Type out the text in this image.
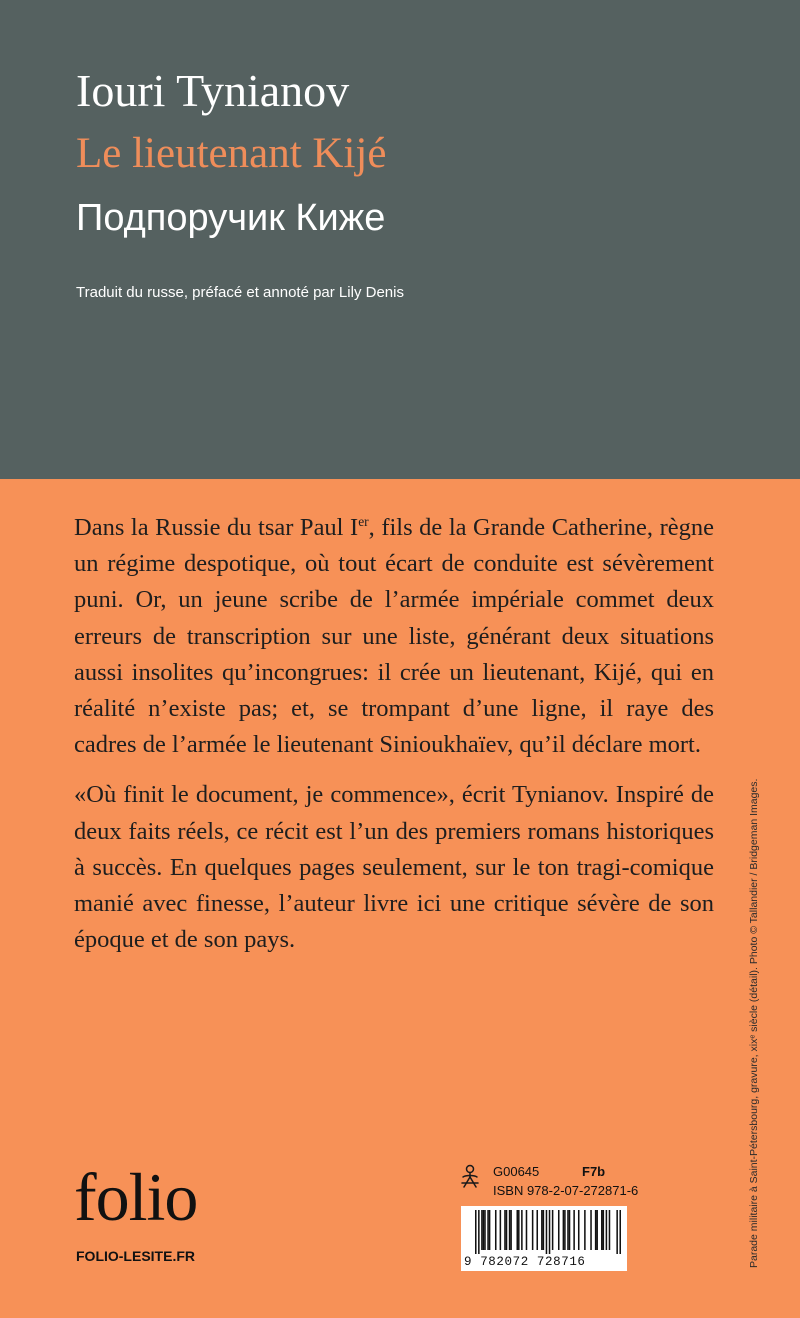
Iouri Tynianov
Le lieutenant Kijé
Подпоручик Киже
Traduit du russe, préfacé et annoté par Lily Denis

Dans la Russie du tsar Paul Ier, fils de la Grande Catherine, règne un régime despotique, où tout écart de conduite est sévèrement puni. Or, un jeune scribe de l’armée impériale commet deux erreurs de transcription sur une liste, générant deux situations aussi insolites qu’incongrues: il crée un lieutenant, Kijé, qui en réalité n’existe pas; et, se trompant d’une ligne, il raye des cadres de l’armée le lieutenant Sinioukhaïev, qu’il déclare mort.

«Où finit le document, je commence», écrit Tynianov. Inspiré de deux faits réels, ce récit est l’un des premiers romans historiques à succès. En quelques pages seulement, sur le ton tragi-comique manié avec finesse, l’auteur livre ici une critique sévère de son époque et de son pays.	Parade militaire à Saint-Pétersbourg, gravure, xixᵉ siècle (détail). Photo © Tallandier / Bridgeman Images.
folio
FOLIO-LESITE.FR
G00645	F7b
ISBN 978-2-07-272871-6
9 782072 728716
